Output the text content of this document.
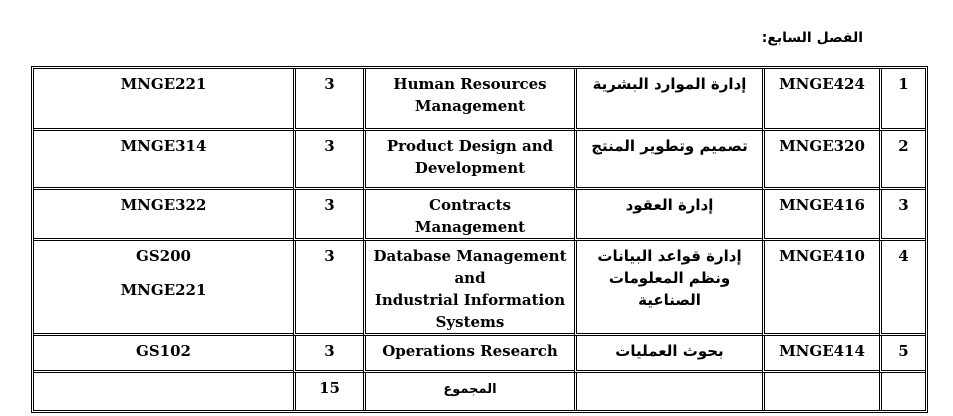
الفصل السابع:
1	MNGE424	إدارة الموارد البشرية	Human Resources
Management	3	MNGE221

2	MNGE320	تصميم وتطوير المنتج	Product Design and
Development	3	MNGE314

3	MNGE416	إدارة العقود	Contracts Management	3	MNGE322

4	MNGE410	إدارة قواعد البيانات ونظم المعلومات الصناعية	Database Management and
Industrial Information
Systems	3	GS200
MNGE221

5	MNGE414	بحوث العمليات	Operations Research	3	GS102

			المجموع	15	
